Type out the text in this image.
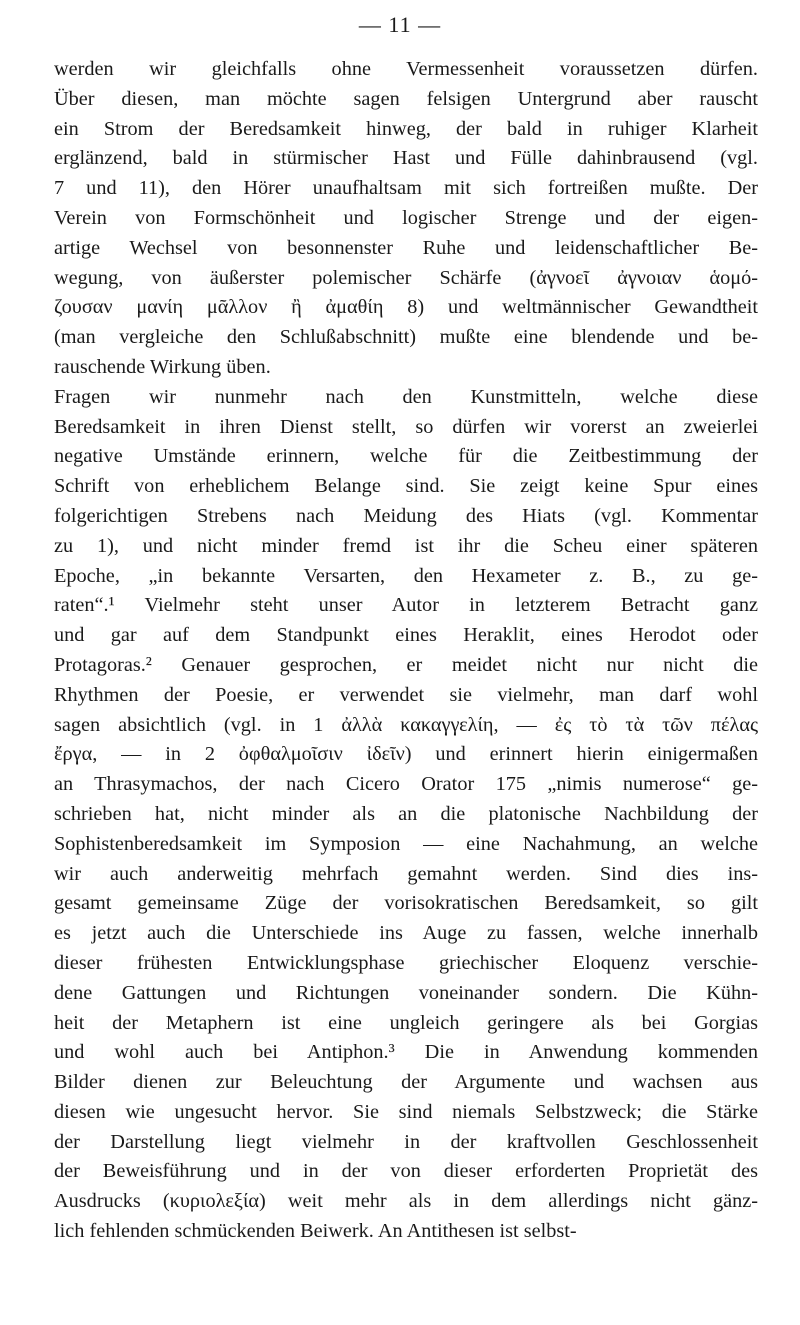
— 11 —
werden wir gleichfalls ohne Vermessenheit voraussetzen dürfen.
Über diesen, man möchte sagen felsigen Untergrund aber rauscht
ein Strom der Beredsamkeit hinweg, der bald in ruhiger Klarheit
erglänzend, bald in stürmischer Hast und Fülle dahinbrausend (vgl.
7 und 11), den Hörer unaufhaltsam mit sich fortreißen mußte. Der
Verein von Formschönheit und logischer Strenge und der eigen-
artige Wechsel von besonnenster Ruhe und leidenschaftlicher Be-
wegung, von äußerster polemischer Schärfe (ἀγνοεῖ ἀγνοιαν ἁομό-
ζουσαν μανίη μᾶλλον ἢ ἀμαθίη 8) und weltmännischer Gewandtheit
(man vergleiche den Schlußabschnitt) mußte eine blendende und be-
rauschende Wirkung üben.
Fragen wir nunmehr nach den Kunstmitteln, welche diese
Beredsamkeit in ihren Dienst stellt, so dürfen wir vorerst an zweierlei
negative Umstände erinnern, welche für die Zeitbestimmung der
Schrift von erheblichem Belange sind. Sie zeigt keine Spur eines
folgerichtigen Strebens nach Meidung des Hiats (vgl. Kommentar
zu 1), und nicht minder fremd ist ihr die Scheu einer späteren
Epoche, „in bekannte Versarten, den Hexameter z. B., zu ge-
raten“.¹ Vielmehr steht unser Autor in letzterem Betracht ganz
und gar auf dem Standpunkt eines Heraklit, eines Herodot oder
Protagoras.² Genauer gesprochen, er meidet nicht nur nicht die
Rhythmen der Poesie, er verwendet sie vielmehr, man darf wohl
sagen absichtlich (vgl. in 1 ἀλλὰ κακαγγελίη, — ἐς τὸ τὰ τῶν πέλας
ἔργα, — in 2 ὀφθαλμοῖσιν ἰδεῖν) und erinnert hierin einigermaßen
an Thrasymachos, der nach Cicero Orator 175 „nimis numerose“ ge-
schrieben hat, nicht minder als an die platonische Nachbildung der
Sophistenberedsamkeit im Symposion — eine Nachahmung, an welche
wir auch anderweitig mehrfach gemahnt werden. Sind dies ins-
gesamt gemeinsame Züge der vorisokratischen Beredsamkeit, so gilt
es jetzt auch die Unterschiede ins Auge zu fassen, welche innerhalb
dieser frühesten Entwicklungsphase griechischer Eloquenz verschie-
dene Gattungen und Richtungen voneinander sondern. Die Kühn-
heit der Metaphern ist eine ungleich geringere als bei Gorgias
und wohl auch bei Antiphon.³ Die in Anwendung kommenden
Bilder dienen zur Beleuchtung der Argumente und wachsen aus
diesen wie ungesucht hervor. Sie sind niemals Selbstzweck; die Stärke
der Darstellung liegt vielmehr in der kraftvollen Geschlossenheit
der Beweisführung und in der von dieser erforderten Proprietät des
Ausdrucks (κυριολεξία) weit mehr als in dem allerdings nicht gänz-
lich fehlenden schmückenden Beiwerk. An Antithesen ist selbst-
